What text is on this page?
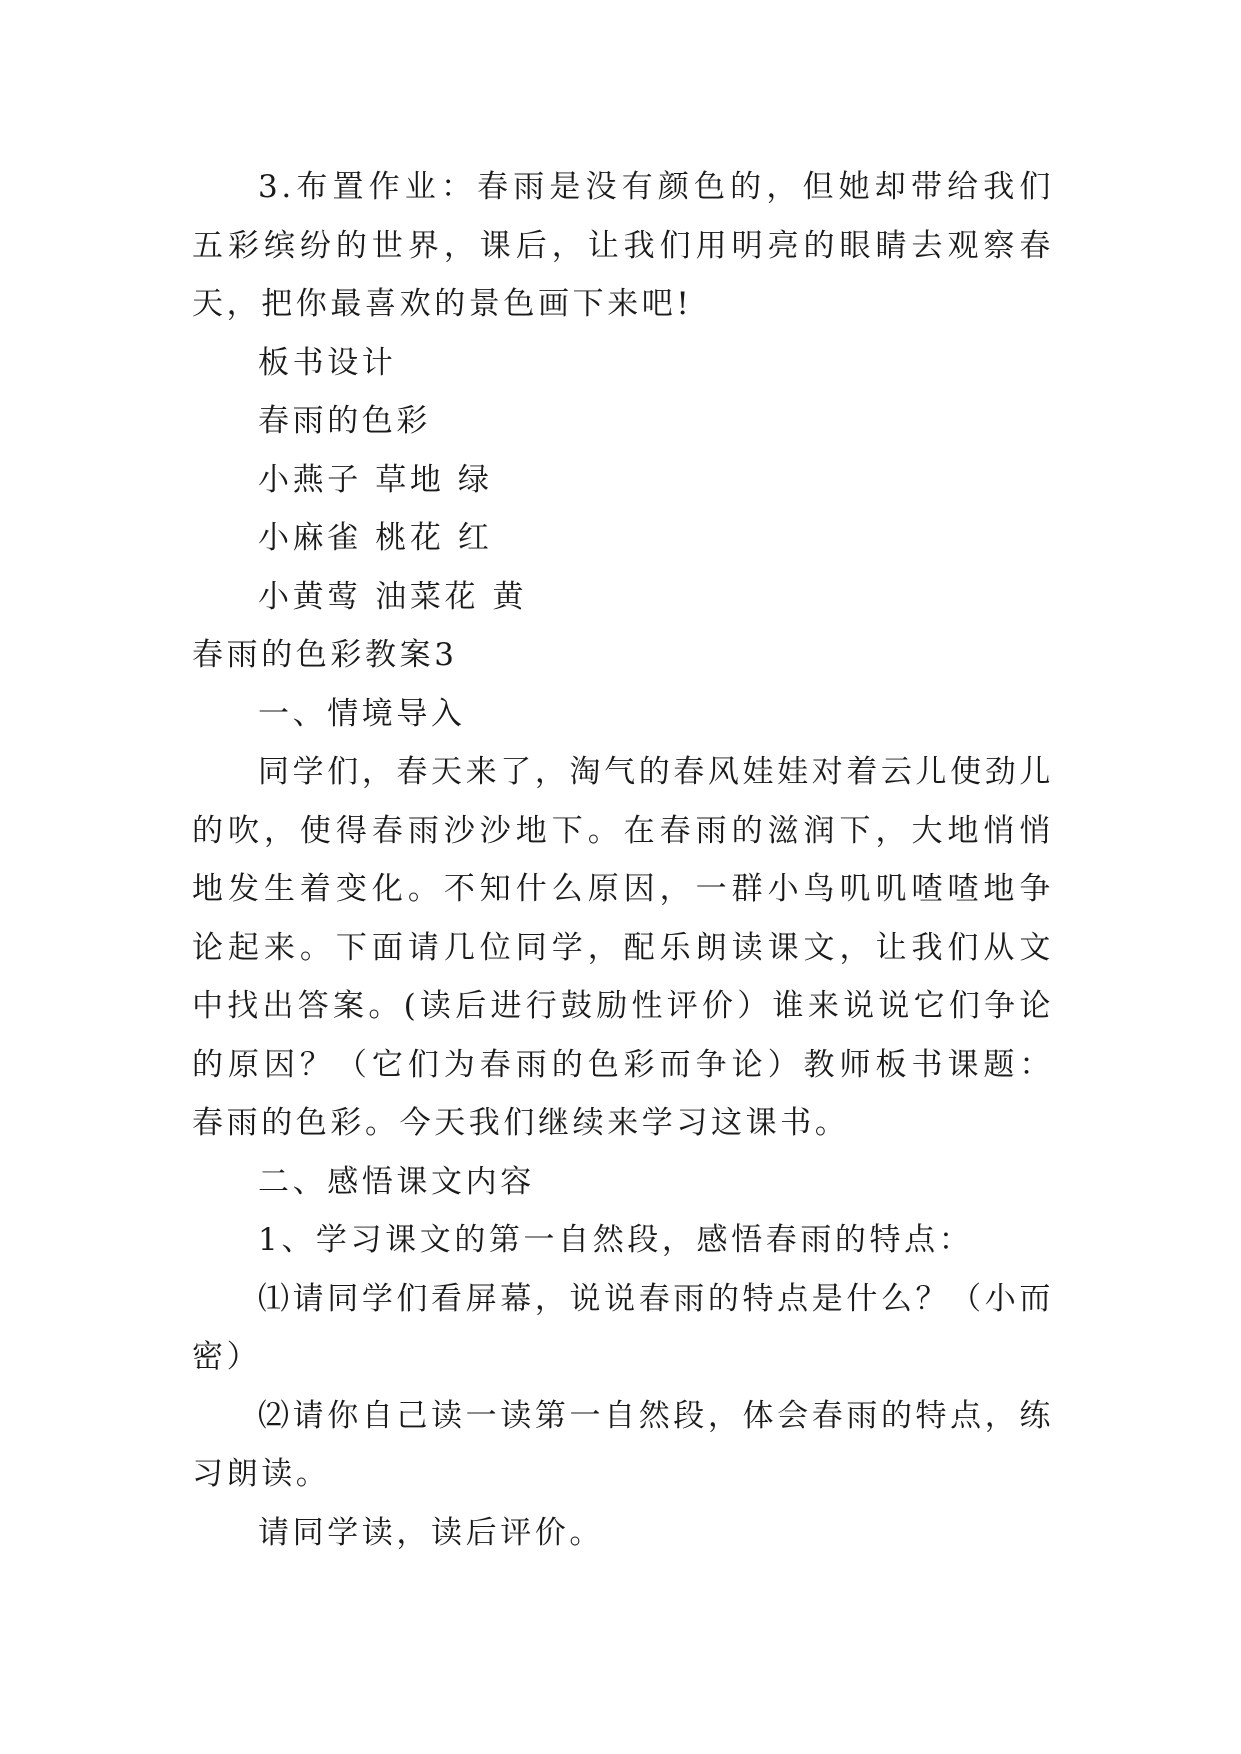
3.布置作业：春雨是没有颜色的，但她却带给我们五彩缤纷的世界，课后，让我们用明亮的眼睛去观察春天，把你最喜欢的景色画下来吧!

板书设计

春雨的色彩

小燕子 草地 绿

小麻雀 桃花 红

小黄莺 油菜花 黄

春雨的色彩教案3

一、情境导入

同学们，春天来了，淘气的春风娃娃对着云儿使劲儿的吹，使得春雨沙沙地下。在春雨的滋润下，大地悄悄地发生着变化。不知什么原因，一群小鸟叽叽喳喳地争论起来。下面请几位同学，配乐朗读课文，让我们从文中找出答案。(读后进行鼓励性评价）谁来说说它们争论的原因？（它们为春雨的色彩而争论）教师板书课题：春雨的色彩。今天我们继续来学习这课书。

二、感悟课文内容

1、学习课文的第一自然段，感悟春雨的特点：

⑴请同学们看屏幕，说说春雨的特点是什么？（小而密）

⑵请你自己读一读第一自然段，体会春雨的特点，练习朗读。

请同学读，读后评价。
